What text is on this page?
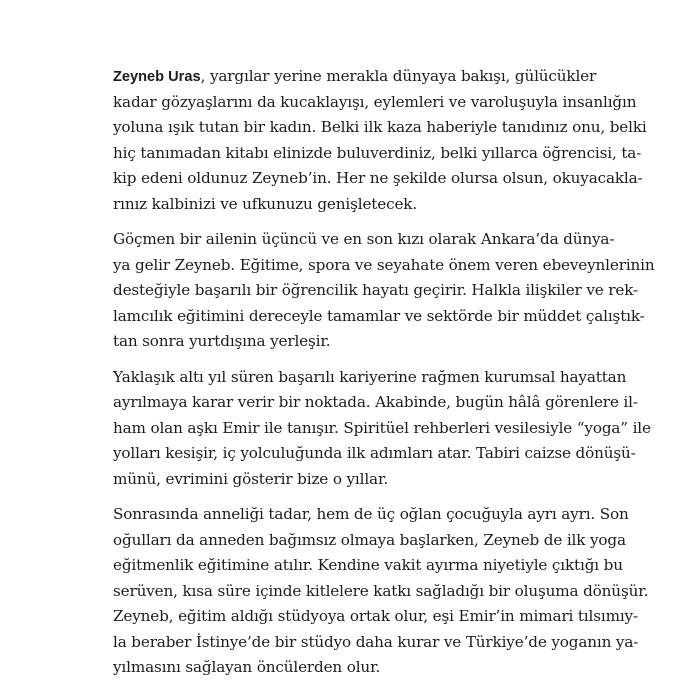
Zeyneb Uras, yargılar yerine merakla dünyaya bakışı, gülücükler
kadar gözyaşlarını da kucaklayışı, eylemleri ve varoluşuyla insanlığın
yoluna ışık tutan bir kadın. Belki ilk kaza haberiyle tanıdınız onu, belki
hiç tanımadan kitabı elinizde buluverdiniz, belki yıllarca öğrencisi, ta-
kip edeni oldunuz Zeyneb’in. Her ne şekilde olursa olsun, okuyacakla-
rınız kalbinizi ve ufkunuzu genişletecek.
Göçmen bir ailenin üçüncü ve en son kızı olarak Ankara’da dünya-
ya gelir Zeyneb. Eğitime, spora ve seyahate önem veren ebeveynlerinin
desteğiyle başarılı bir öğrencilik hayatı geçirir. Halkla ilişkiler ve rek-
lamcılık eğitimini dereceyle tamamlar ve sektörde bir müddet çalıştık-
tan sonra yurtdışına yerleşir.
Yaklaşık altı yıl süren başarılı kariyerine rağmen kurumsal hayattan
ayrılmaya karar verir bir noktada. Akabinde, bugün hâlâ görenlere il-
ham olan aşkı Emir ile tanışır. Spiritüel rehberleri vesilesiyle “yoga” ile
yolları kesişir, iç yolculuğunda ilk adımları atar. Tabiri caizse dönüşü-
münü, evrimini gösterir bize o yıllar.
Sonrasında anneliği tadar, hem de üç oğlan çocuğuyla ayrı ayrı. Son
oğulları da anneden bağımsız olmaya başlarken, Zeyneb de ilk yoga
eğitmenlik eğitimine atılır. Kendine vakit ayırma niyetiyle çıktığı bu
serüven, kısa süre içinde kitlelere katkı sağladığı bir oluşuma dönüşür.
Zeyneb, eğitim aldığı stüdyoya ortak olur, eşi Emir’in mimari tılsımıy-
la beraber İstinye’de bir stüdyo daha kurar ve Türkiye’de yoganın ya-
yılmasını sağlayan öncülerden olur.
